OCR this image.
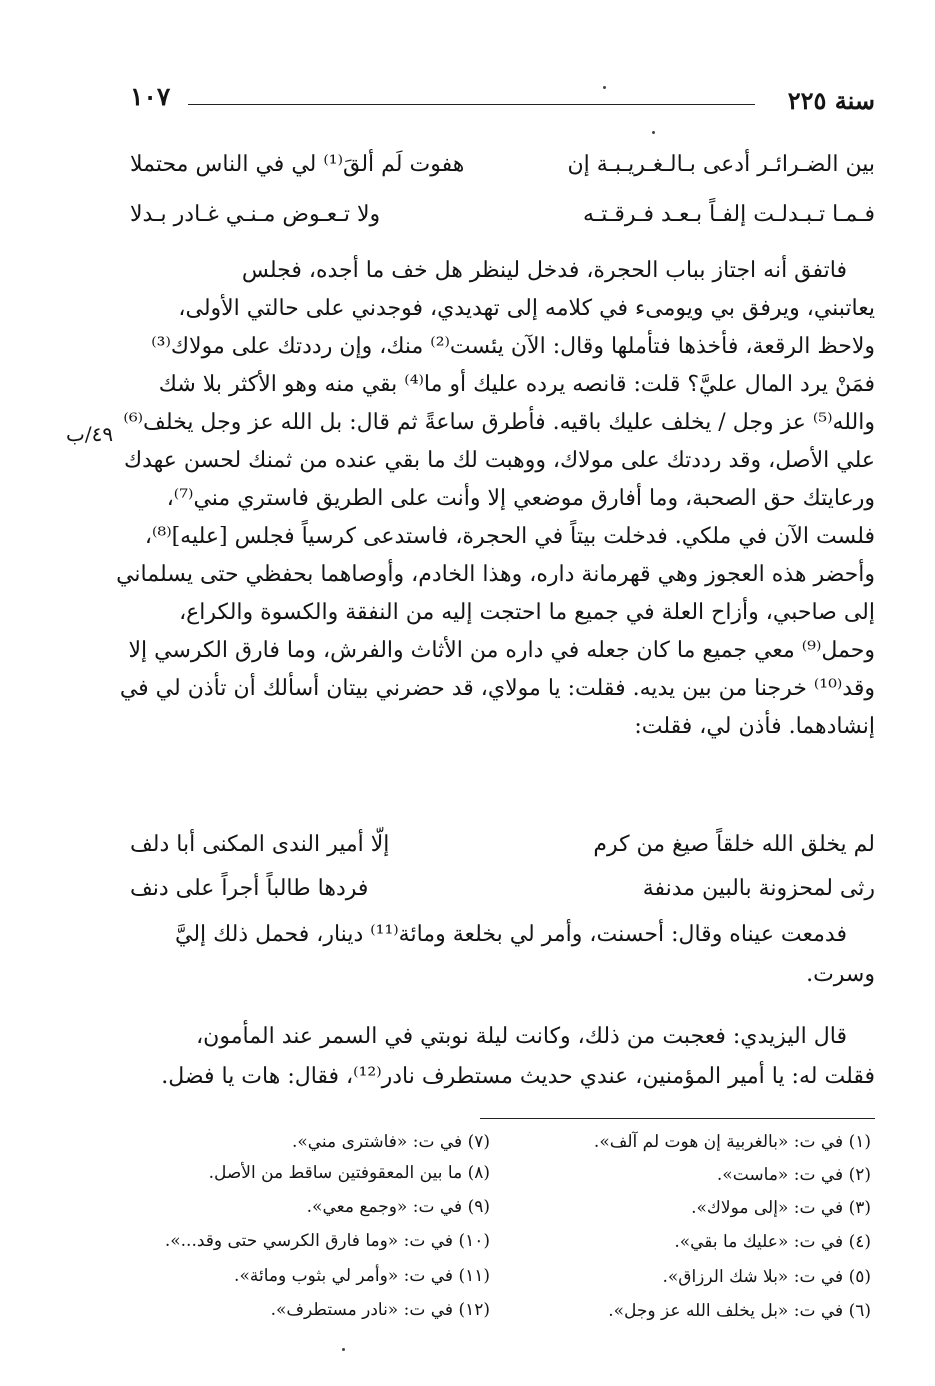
سنة ٢٢٥
١٠٧
بين الضـرائـر أدعى بـالـغـريـبـة إن
هفوت لَم ألقَ⁽¹⁾ لي في الناس محتملا
فـمـا تـبـدلـت إلفـاً بـعـد فـرقـتـه
ولا تـعـوض مـنـي غـادر بـدلا
فاتفق أنه اجتاز بباب الحجرة، فدخل لينظر هل خف ما أجده، فجلس
يعاتبني، ويرفق بي ويومىء في كلامه إلى تهديدي، فوجدني على حالتي الأولى،
ولاحظ الرقعة، فأخذها فتأملها وقال: الآن يئست⁽²⁾ منك، وإن رددتك على مولاك⁽³⁾
فمَنْ يرد المال عليَّ؟ قلت: قانصه يرده عليك أو ما⁽⁴⁾ بقي منه وهو الأكثر بلا شك
والله⁽⁵⁾ عز وجل / يخلف عليك باقيه. فأطرق ساعةً ثم قال: بل الله عز وجل يخلف⁽⁶⁾
علي الأصل، وقد رددتك على مولاك، ووهبت لك ما بقي عنده من ثمنك لحسن عهدك
ورعايتك حق الصحبة، وما أفارق موضعي إلا وأنت على الطريق فاستري مني⁽⁷⁾،
فلست الآن في ملكي. فدخلت بيتاً في الحجرة، فاستدعى كرسياً فجلس [عليه]⁽⁸⁾،
وأحضر هذه العجوز وهي قهرمانة داره، وهذا الخادم، وأوصاهما بحفظي حتى يسلماني
إلى صاحبي، وأزاح العلة في جميع ما احتجت إليه من النفقة والكسوة والكراع،
وحمل⁽⁹⁾ معي جميع ما كان جعله في داره من الأثاث والفرش، وما فارق الكرسي إلا
وقد⁽¹⁰⁾ خرجنا من بين يديه. فقلت: يا مولاي، قد حضرني بيتان أسألك أن تأذن لي في
إنشادهما. فأذن لي، فقلت:
٤٩/ب
لم يخلق الله خلقاً صيغ من كرم
إلّا أمير الندى المكنى أبا دلف
رثى لمحزونة بالبين مدنفة
فردها طالباً أجراً على دنف
فدمعت عيناه وقال: أحسنت، وأمر لي بخلعة ومائة⁽¹¹⁾ دينار، فحمل ذلك إليَّ
وسرت.
قال اليزيدي: فعجبت من ذلك، وكانت ليلة نوبتي في السمر عند المأمون،
فقلت له: يا أمير المؤمنين، عندي حديث مستطرف نادر⁽¹²⁾، فقال: هات يا فضل.
(١) في ت: «بالغربية إن هوت لم آلف».
(٢) في ت: «ماست».
(٣) في ت: «إلى مولاك».
(٤) في ت: «عليك ما بقي».
(٥) في ت: «بلا شك الرزاق».
(٦) في ت: «بل يخلف الله عز وجل».
(٧) في ت: «فاشترى مني».
(٨) ما بين المعقوفتين ساقط من الأصل.
(٩) في ت: «وجمع معي».
(١٠) في ت: «وما فارق الكرسي حتى وقد...».
(١١) في ت: «وأمر لي بثوب ومائة».
(١٢) في ت: «نادر مستطرف».
